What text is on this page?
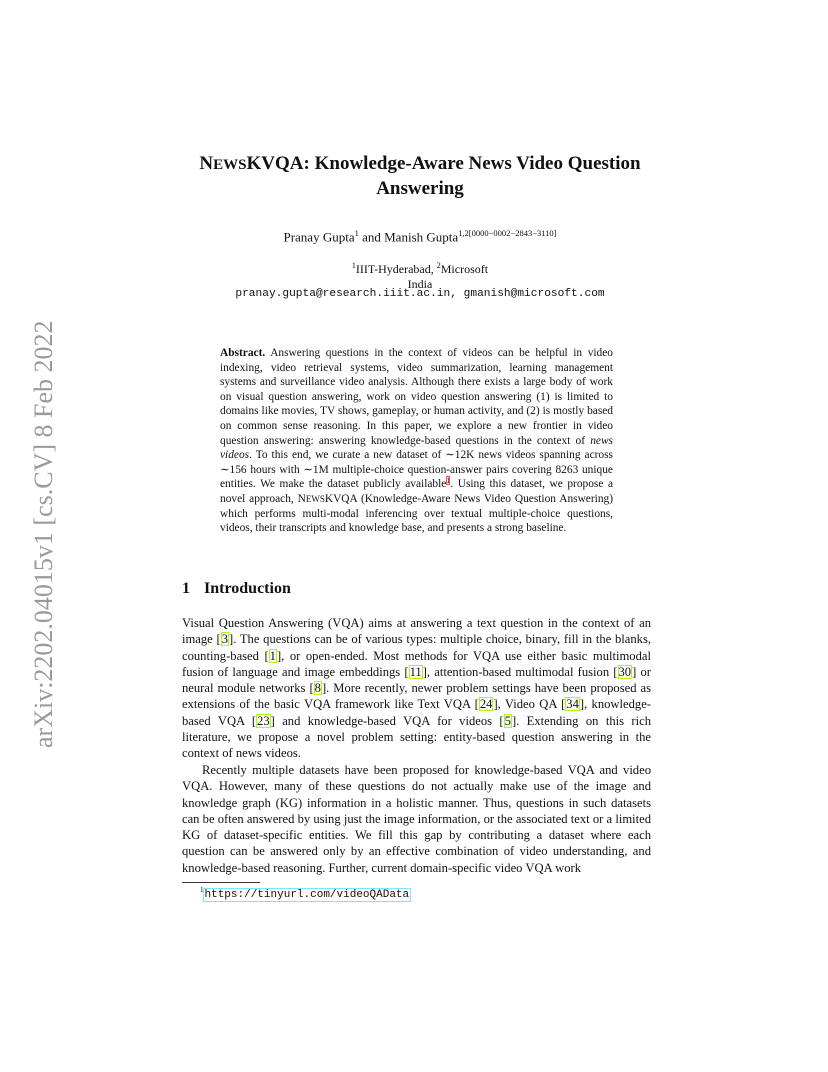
arXiv:2202.04015v1 [cs.CV] 8 Feb 2022
NEWSKVQA: Knowledge-Aware News Video Question
Answering
Pranay Gupta$^1$ and Manish Gupta$^{1,2[0000-0002-2843-3110]}$
$^1$IIIT-Hyderabad, $^2$Microsoft
India
pranay.gupta@research.iiit.ac.in, gmanish@microsoft.com
Abstract. Answering questions in the context of videos can be helpful in video indexing, video retrieval systems, video summarization, learning management systems and surveillance video analysis. Although there exists a large body of work on visual question answering, work on video question answering (1) is limited to domains like movies, TV shows, gameplay, or human activity, and (2) is mostly based on common sense reasoning. In this paper, we explore a new frontier in video question answering: answering knowledge-based questions in the context of news videos. To this end, we curate a new dataset of ∼12K news videos spanning across ∼156 hours with ∼1M multiple-choice question-answer pairs covering 8263 unique entities. We make the dataset publicly available$^1$. Using this dataset, we propose a novel approach, NEWSKVQA (Knowledge-Aware News Video Question Answering) which performs multi-modal inferencing over textual multiple-choice questions, videos, their transcripts and knowledge base, and presents a strong baseline.
1 Introduction

Visual Question Answering (VQA) aims at answering a text question in the context of an image [3]. The questions can be of various types: multiple choice, binary, fill in the blanks, counting-based [1], or open-ended. Most methods for VQA use either basic multimodal fusion of language and image embeddings [11], attention-based multimodal fusion [30] or neural module networks [8]. More recently, newer problem settings have been proposed as extensions of the basic VQA framework like Text VQA [24], Video QA [34], knowledge-based VQA [23] and knowledge-based VQA for videos [5]. Extending on this rich literature, we propose a novel problem setting: entity-based question answering in the context of news videos.

Recently multiple datasets have been proposed for knowledge-based VQA and video VQA. However, many of these questions do not actually make use of the image and knowledge graph (KG) information in a holistic manner. Thus, questions in such datasets can be often answered by using just the image information, or the associated text or a limited KG of dataset-specific entities. We fill this gap by contributing a dataset where each question can be answered only by an effective combination of video understanding, and knowledge-based reasoning. Further, current domain-specific video VQA work

$^1$https://tinyurl.com/videoQAData
